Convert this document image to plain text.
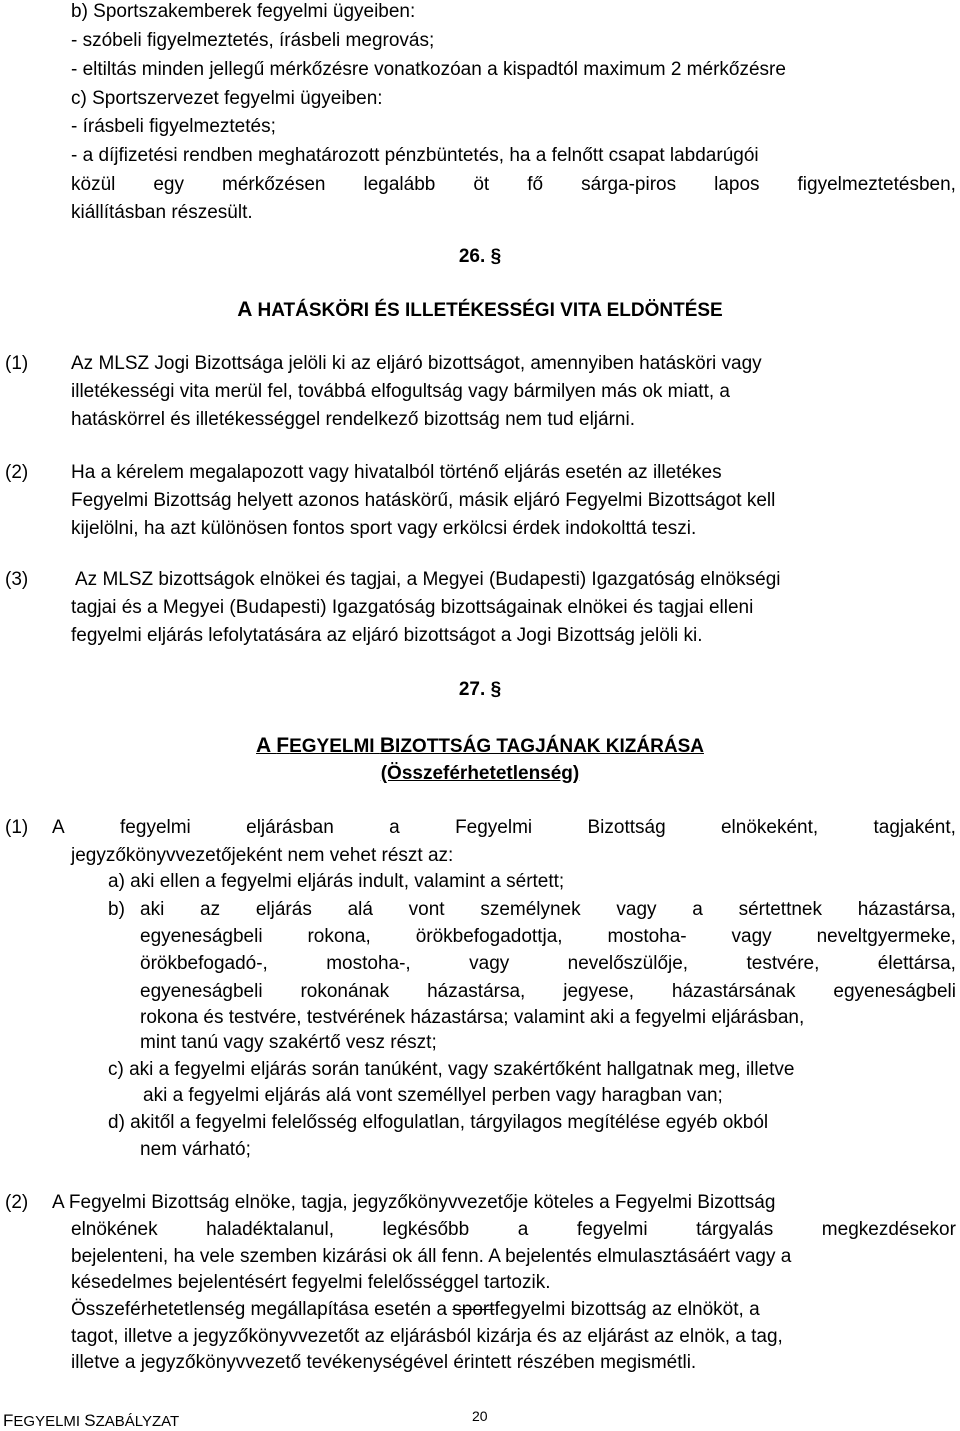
b) Sportszakemberek fegyelmi ügyeiben:
- szóbeli figyelmeztetés, írásbeli megrovás;
- eltiltás minden jellegű mérkőzésre vonatkozóan a kispadtól maximum 2 mérkőzésre
c) Sportszervezet fegyelmi ügyeiben:
- írásbeli figyelmeztetés;
- a díjfizetési rendben meghatározott pénzbüntetés, ha a felnőtt csapat labdarúgói
közül egy mérkőzésen legalább öt fő sárga-piros lapos figyelmeztetésben,
kiállításban részesült.
26. §
A HATÁSKÖRI ÉS ILLETÉKESSÉGI VITA ELDÖNTÉSE
(1) Az MLSZ Jogi Bizottsága jelöli ki az eljáró bizottságot, amennyiben hatásköri vagy
illetékességi vita merül fel, továbbá elfogultság vagy bármilyen más ok miatt, a
hatáskörrel és illetékességgel rendelkező bizottság nem tud eljárni.
(2) Ha a kérelem megalapozott vagy hivatalból történő eljárás esetén az illetékes
Fegyelmi Bizottság helyett azonos hatáskörű, másik eljáró Fegyelmi Bizottságot kell
kijelölni, ha azt különösen fontos sport vagy erkölcsi érdek indokolttá teszi.
(3) Az MLSZ bizottságok elnökei és tagjai, a Megyei (Budapesti) Igazgatóság elnökségi
tagjai és a Megyei (Budapesti) Igazgatóság bizottságainak elnökei és tagjai elleni
fegyelmi eljárás lefolytatására az eljáró bizottságot a Jogi Bizottság jelöli ki.
27. §
A FEGYELMI BIZOTTSÁG TAGJÁNAK KIZÁRÁSA
(Összeférhetetlenség)
(1) A	fegyelmi	eljárásban	a	Fegyelmi	Bizottság	elnökeként,	tagjaként,
jegyzőkönyvvezetőjeként nem vehet részt az:
a) aki ellen a fegyelmi eljárás indult, valamint a sértett;
b) aki az eljárás alá vont személynek vagy a sértettnek házastársa,
egyeneságbeli rokona, örökbefogadottja, mostoha- vagy neveltgyermeke,
örökbefogadó-,	mostoha-,	vagy	nevelőszülője,	testvére,	élettársa,
egyeneságbeli rokonának házastársa, jegyese, házastársának egyeneságbeli
rokona és testvére, testvérének házastársa; valamint aki a fegyelmi eljárásban,
mint tanú vagy szakértő vesz részt;
c) aki a fegyelmi eljárás során tanúként, vagy szakértőként hallgatnak meg, illetve
aki a fegyelmi eljárás alá vont személlyel perben vagy haragban van;
d) akitől a fegyelmi felelősség elfogulatlan, tárgyilagos megítélése egyéb okból
nem várható;
(2) A Fegyelmi Bizottság elnöke, tagja, jegyzőkönyvvezetője köteles a Fegyelmi Bizottság
elnökének	haladéktalanul,	legkésőbb	a	fegyelmi	tárgyalás	megkezdésekor
bejelenteni, ha vele szemben kizárási ok áll fenn. A bejelentés elmulasztásáért vagy a
késedelmes bejelentésért fegyelmi felelősséggel tartozik.
Összeférhetetlenség megállapítása esetén a sportfegyelmi bizottság az elnököt, a
tagot, illetve a jegyzőkönyvvezetőt az eljárásból kizárja és az eljárást az elnök, a tag,
illetve a jegyzőkönyvvezető tevékenységével érintett részében megismétli.
FEGYELMI SZABÁLYZAT	20
